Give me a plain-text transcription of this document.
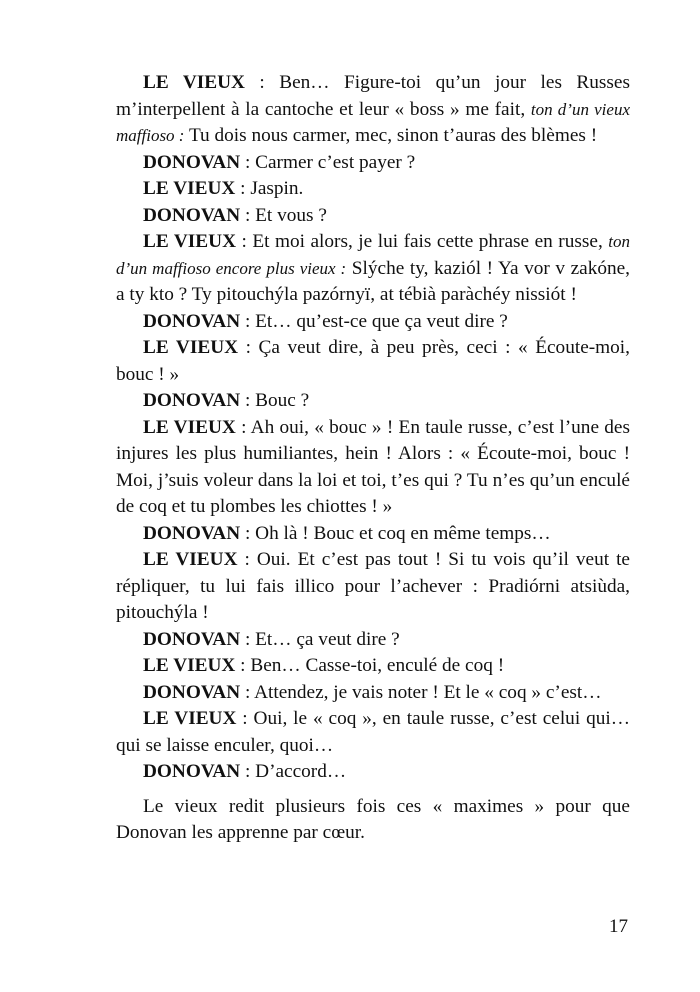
LE VIEUX : Ben… Figure-toi qu’un jour les Russes m’interpellent à la cantoche et leur « boss » me fait, ton d’un vieux maffioso : Tu dois nous carmer, mec, sinon t’auras des blèmes !

DONOVAN : Carmer c’est payer ?

LE VIEUX : Jaspin.

DONOVAN : Et vous ?

LE VIEUX : Et moi alors, je lui fais cette phrase en russe, ton d’un maffioso encore plus vieux : Slýche ty, kaziól ! Ya vor v zakóne, a ty kto ? Ty pitouchýla pazórnyï, at tébià paràchéy nissiót !

DONOVAN : Et… qu’est-ce que ça veut dire ?

LE VIEUX : Ça veut dire, à peu près, ceci : « Écoute-moi, bouc ! »

DONOVAN : Bouc ?

LE VIEUX : Ah oui, « bouc » ! En taule russe, c’est l’une des injures les plus humiliantes, hein ! Alors : « Écoute-moi, bouc ! Moi, j’suis voleur dans la loi et toi, t’es qui ? Tu n’es qu’un enculé de coq et tu plombes les chiottes ! »

DONOVAN : Oh là ! Bouc et coq en même temps…

LE VIEUX : Oui. Et c’est pas tout ! Si tu vois qu’il veut te répliquer, tu lui fais illico pour l’achever : Pradiórni atsiùda, pitouchýla !

DONOVAN : Et… ça veut dire ?

LE VIEUX : Ben… Casse-toi, enculé de coq !

DONOVAN : Attendez, je vais noter ! Et le « coq » c’est…

LE VIEUX : Oui, le « coq », en taule russe, c’est celui qui… qui se laisse enculer, quoi…

DONOVAN : D’accord…

Le vieux redit plusieurs fois ces « maximes » pour que Donovan les apprenne par cœur.

17
